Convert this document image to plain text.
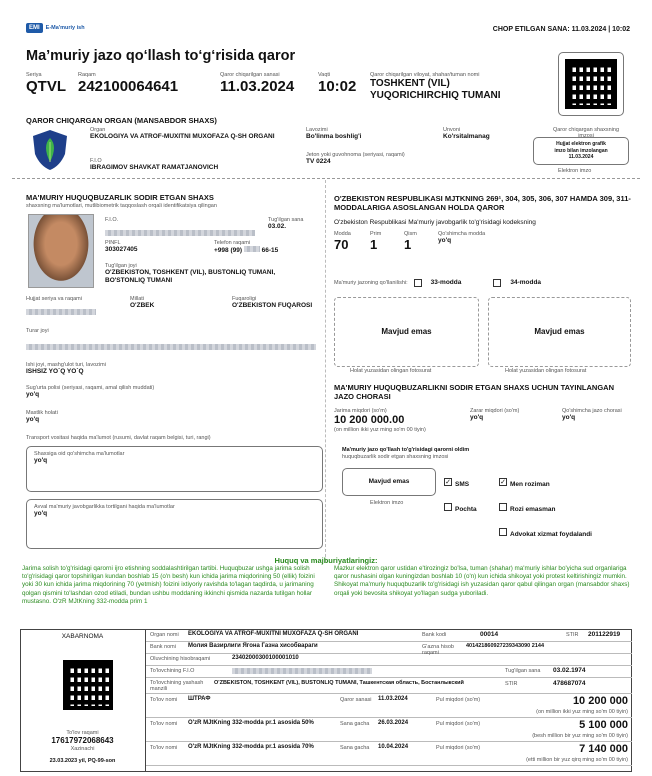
EMI	E-Ma'muriy ish	CHOP ETILGAN SANA: 11.03.2024 | 10:02
Ma’muriy jazo qo‘llash to‘g‘risida qaror
Seriya
QTVL
Raqam
242100064641
Qaror chiqarilgan sanasi
11.03.2024
Vaqti
10:02
Qaror chiqarilgan viloyat, shahar/tuman nomi
TOSHKENT (VIL)
YUQORICHIRCHIQ TUMANI
QAROR CHIQARGAN ORGAN (MANSABDOR SHAXS)
Organ
EKOLOGIYA VA ATROF-MUXITNI MUXOFAZA Q-SH ORGANI
F.I.O
IBRAGIMOV SHAVKAT RAMATJANOVICH
Lavozimi
Bo'linma boshlig'i
Unvoni
Ko'rsitalmanag
Jeton yoki guvohnoma (seriyasi, raqami)
TV 0224
Qaror chiqargan shaxsning imzosi
Hujjat elektron grafik imzo bilan imzolangan 11.03.2024
Elektron imzo
MA'MURIY HUQUQBUZARLIK SODIR ETGAN SHAXS
shaxsning ma'lumotlari, mutlibiometrik taqqoslash orqali identifikatsiya qilingan
F.I.O.	Tug'ilgan sana
03.02.
PINFL
303027405
Telefon raqami
+998 (99)	66-15
Tug'ilgan joyi
O'ZBEKISTON, TOSHKENT (VIL), BUSTONLIQ TUMANI, BO'STONLIQ TUMANI
Hujjat seriya va raqami	Millati
O'ZBEK
Fuqaroligi
O'ZBEKISTON FUQAROSI
Turar joyi
Ishi joyi, mashg'ulot turi, lavozimi
ISHSIZ YO`Q YO`Q
Sug'urta polisi (seriyasi, raqami, amal qilish muddati)
yo'q
Mastlik holati
yo'q
Transport vositasi haqida ma'lumot (rusumi, davlat raqam belgisi, turi, rangi)
Shaxsiga oid qo'shimcha ma'lumotlar
yo'q
Avval ma'muriy javobgarlikka tortilgani haqida ma'lumotlar
yo'q
O'ZBEKISTON RESPUBLIKASI MJTKNING 269¹, 304, 305, 306, 307 HAMDA 309, 311-MODDALARIGA ASOSLANGAN HOLDA QAROR
O'zbekiston Respublikasi Ma'muriy javobgarlik to'g'risidagi kodeksning
Modda
70
Prim
1
Qism
1
Qo'shimcha modda
yo'q
Ma'muriy jazoning qo'llanilishi:	33-modda	34-modda
Mavjud emas	Mavjud emas
Holat yuzasidan olingan fotosurat	Holat yuzasidan olingan fotosurat
MA'MURIY HUQUQBUZARLIKNI SODIR ETGAN SHAXS UCHUN TAYINLANGAN JAZO CHORASI
Jarima miqdori (so'm)
10 200 000.00
(on million ikki yuz ming so'm 00 tiyin)
Zarar miqdori (so'm)
yo'q
Qo'shimcha jazo chorasi
yo'q
Ma'muriy jazo qo'llash to'g'risidagi qarorni oldim
huquqbuzarlik sodir etgan shaxsning imzosi
Mavjud emas
Elektron imzo
✓ SMS
Pochta
✓ Men roziman
Rozi emasman
Advokat xizmat foydalandi
Huquq va majburiyatlaringiz:
Jarima solish to'g'risidagi qarorni ijro etishning soddalashtirilgan tartibi. Huquqbuzar ushga jarima solish to'g'risidagi qaror topshirilgan kundan boshlab 15 (o'n besh) kun ichida jarima miqdorining 50 (ellik) foizini yoki 30 kun ichida jarima miqdorining 70 (yetmish) foizini ixtiyoriy ravishda to'lagan taqdirda, u jarimaning qolgan qismini to'lashdan ozod etiladi, bundan ushbu moddaning ikkinchi qismida nazarda tutilgan hollar mustasno. O'zR MJtKning 332-modda prim 1
Mazkur elektron qaror ustidan e'tirozingiz bo'lsa, tuman (shahar) ma'muriy ishlar bo'yicha sud organlariga qaror nushasini olgan kuningizdan boshlab 10 (o'n) kun ichida shikoyat yoki protest keltirishingiz mumkin. Shikoyat ma'muriy huquqbuzarlik to'g'risidagi ish yuzasidan qaror qabul qilingan organ (mansabdor shaxs) orqali yoki bevosita shikoyat yo'llagan sudga yuboriladi.
XABARNOMA
To'lov raqami
17617972068643
Xazinachi
23.03.2023 yil, PQ-99-son
Organ nomi EKOLOGIYA VA ATROF-MUXITNI MUXOFAZA Q-SH ORGANI	Bank kodi	00014	STIR 201122919
Bank nomi Молия Вазирлиги Ягона Газна хисобвараги	G'azna hisob raqami
401421860927239343090 2144
Oluvchining hisobraqami	23402000300100001010
To'lovchining F.I.O	Tug'ilgan sana 03.02.1974
To'lovchining yashash manzili
O'ZBEKISTON, TOSHKENT (VIL), BUSTONLIQ TUMANI, Ташкентская область, Бостанлыкский	STIR	478687074
To'lov nomi ШТРАФ	Qaror sanasi 11.03.2024	Pul miqdori (so'm)	10 200 000
(on million ikki yuz ming so'm 00 tiyin)
To'lov nomi O'zR MJtKning 332-modda pr.1 asosida 50%	Sana gacha 26.03.2024	Pul miqdori (so'm)	5 100 000
(besh million bir yuz ming so'm 00 tiyin)
To'lov nomi O'zR MJtKning 332-modda pr.1 asosida 70%	Sana gacha 10.04.2024	Pul miqdori (so'm)	7 140 000
(etti million bir yuz qirq ming so'm 00 tiyin)
